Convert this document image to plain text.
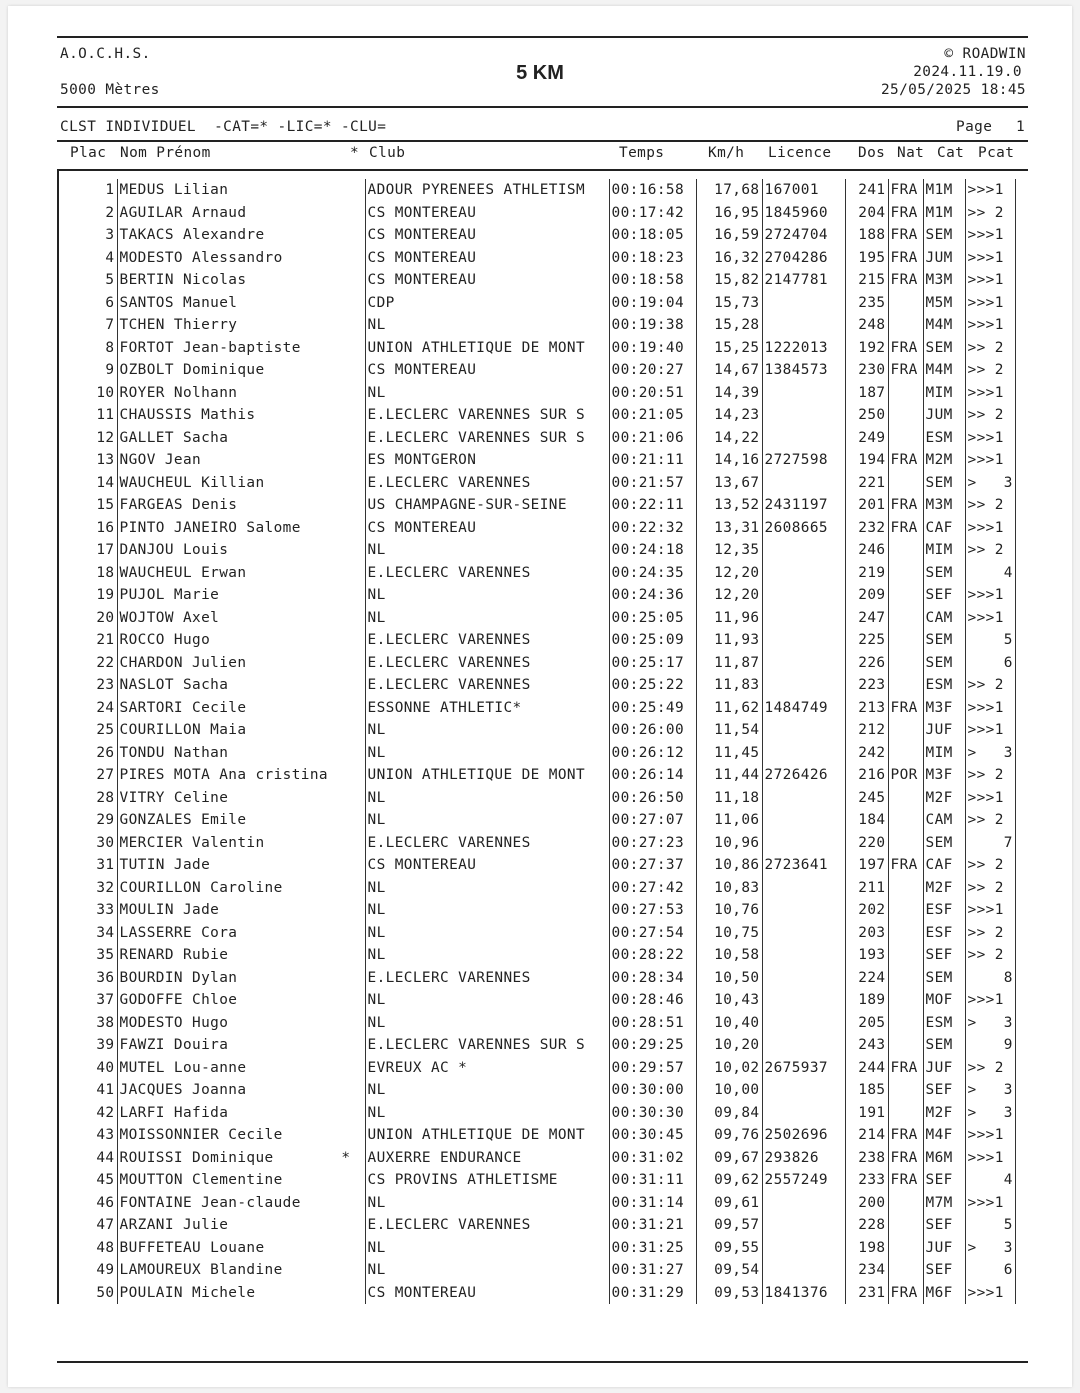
A.O.C.H.S.
5000 Mètres
5 KM
© ROADWIN
2024.11.19.0
25/05/2025 18:45
CLST INDIVIDUEL  -CAT=* -LIC=* -CLU=	Page 1
Plac Nom Prénom	* Club	Temps	Km/h Licence Dos Nat Cat Pcat
1	MEDUS Lilian	ADOUR PYRENEES ATHLETISM	00:16:58	17,68	167001	241	FRA	M1M	>>>1
2	AGUILAR Arnaud	CS MONTEREAU	00:17:42	16,95	1845960	204	FRA	M1M	>> 2
3	TAKACS Alexandre	CS MONTEREAU	00:18:05	16,59	2724704	188	FRA	SEM	>>>1
4	MODESTO Alessandro	CS MONTEREAU	00:18:23	16,32	2704286	195	FRA	JUM	>>>1
5	BERTIN Nicolas	CS MONTEREAU	00:18:58	15,82	2147781	215	FRA	M3M	>>>1
6	SANTOS Manuel	CDP	00:19:04	15,73		235		M5M	>>>1
7	TCHEN Thierry	NL	00:19:38	15,28		248		M4M	>>>1
8	FORTOT Jean-baptiste	UNION ATHLETIQUE DE MONT	00:19:40	15,25	1222013	192	FRA	SEM	>> 2
9	OZBOLT Dominique	CS MONTEREAU	00:20:27	14,67	1384573	230	FRA	M4M	>> 2
10	ROYER Nolhann	NL	00:20:51	14,39		187		MIM	>>>1
11	CHAUSSIS Mathis	E.LECLERC VARENNES SUR S	00:21:05	14,23		250		JUM	>> 2
12	GALLET Sacha	E.LECLERC VARENNES SUR S	00:21:06	14,22		249		ESM	>>>1
13	NGOV Jean	ES MONTGERON	00:21:11	14,16	2727598	194	FRA	M2M	>>>1
14	WAUCHEUL Killian	E.LECLERC VARENNES	00:21:57	13,67		221		SEM	>   3
15	FARGEAS Denis	US CHAMPAGNE-SUR-SEINE	00:22:11	13,52	2431197	201	FRA	M3M	>> 2
16	PINTO JANEIRO Salome	CS MONTEREAU	00:22:32	13,31	2608665	232	FRA	CAF	>>>1
17	DANJOU Louis	NL	00:24:18	12,35		246		MIM	>> 2
18	WAUCHEUL Erwan	E.LECLERC VARENNES	00:24:35	12,20		219		SEM	4
19	PUJOL Marie	NL	00:24:36	12,20		209		SEF	>>>1
20	WOJTOW Axel	NL	00:25:05	11,96		247		CAM	>>>1
21	ROCCO Hugo	E.LECLERC VARENNES	00:25:09	11,93		225		SEM	5
22	CHARDON Julien	E.LECLERC VARENNES	00:25:17	11,87		226		SEM	6
23	NASLOT Sacha	E.LECLERC VARENNES	00:25:22	11,83		223		ESM	>> 2
24	SARTORI Cecile	ESSONNE ATHLETIC*	00:25:49	11,62	1484749	213	FRA	M3F	>>>1
25	COURILLON Maia	NL	00:26:00	11,54		212		JUF	>>>1
26	TONDU Nathan	NL	00:26:12	11,45		242		MIM	>   3
27	PIRES MOTA Ana cristina	UNION ATHLETIQUE DE MONT	00:26:14	11,44	2726426	216	POR	M3F	>> 2
28	VITRY Celine	NL	00:26:50	11,18		245		M2F	>>>1
29	GONZALES Emile	NL	00:27:07	11,06		184		CAM	>> 2
30	MERCIER Valentin	E.LECLERC VARENNES	00:27:23	10,96		220		SEM	7
31	TUTIN Jade	CS MONTEREAU	00:27:37	10,86	2723641	197	FRA	CAF	>> 2
32	COURILLON Caroline	NL	00:27:42	10,83		211		M2F	>> 2
33	MOULIN Jade	NL	00:27:53	10,76		202		ESF	>>>1
34	LASSERRE Cora	NL	00:27:54	10,75		203		ESF	>> 2
35	RENARD Rubie	NL	00:28:22	10,58		193		SEF	>> 2
36	BOURDIN Dylan	E.LECLERC VARENNES	00:28:34	10,50		224		SEM	8
37	GODOFFE Chloe	NL	00:28:46	10,43		189		MOF	>>>1
38	MODESTO Hugo	NL	00:28:51	10,40		205		ESM	>   3
39	FAWZI Douira	E.LECLERC VARENNES SUR S	00:29:25	10,20		243		SEM	9
40	MUTEL Lou-anne	EVREUX AC *	00:29:57	10,02	2675937	244	FRA	JUF	>> 2
41	JACQUES Joanna	NL	00:30:00	10,00		185		SEF	>   3
42	LARFI Hafida	NL	00:30:30	09,84		191		M2F	>   3
43	MOISSONNIER Cecile	UNION ATHLETIQUE DE MONT	00:30:45	09,76	2502696	214	FRA	M4F	>>>1
44	ROUISSI Dominique *	AUXERRE ENDURANCE	00:31:02	09,67	293826	238	FRA	M6M	>>>1
45	MOUTTON Clementine	CS PROVINS ATHLETISME	00:31:11	09,62	2557249	233	FRA	SEF	4
46	FONTAINE Jean-claude	NL	00:31:14	09,61		200		M7M	>>>1
47	ARZANI Julie	E.LECLERC VARENNES	00:31:21	09,57		228		SEF	5
48	BUFFETEAU Louane	NL	00:31:25	09,55		198		JUF	>   3
49	LAMOUREUX Blandine	NL	00:31:27	09,54		234		SEF	6
50	POULAIN Michele	CS MONTEREAU	00:31:29	09,53	1841376	231	FRA	M6F	>>>1
